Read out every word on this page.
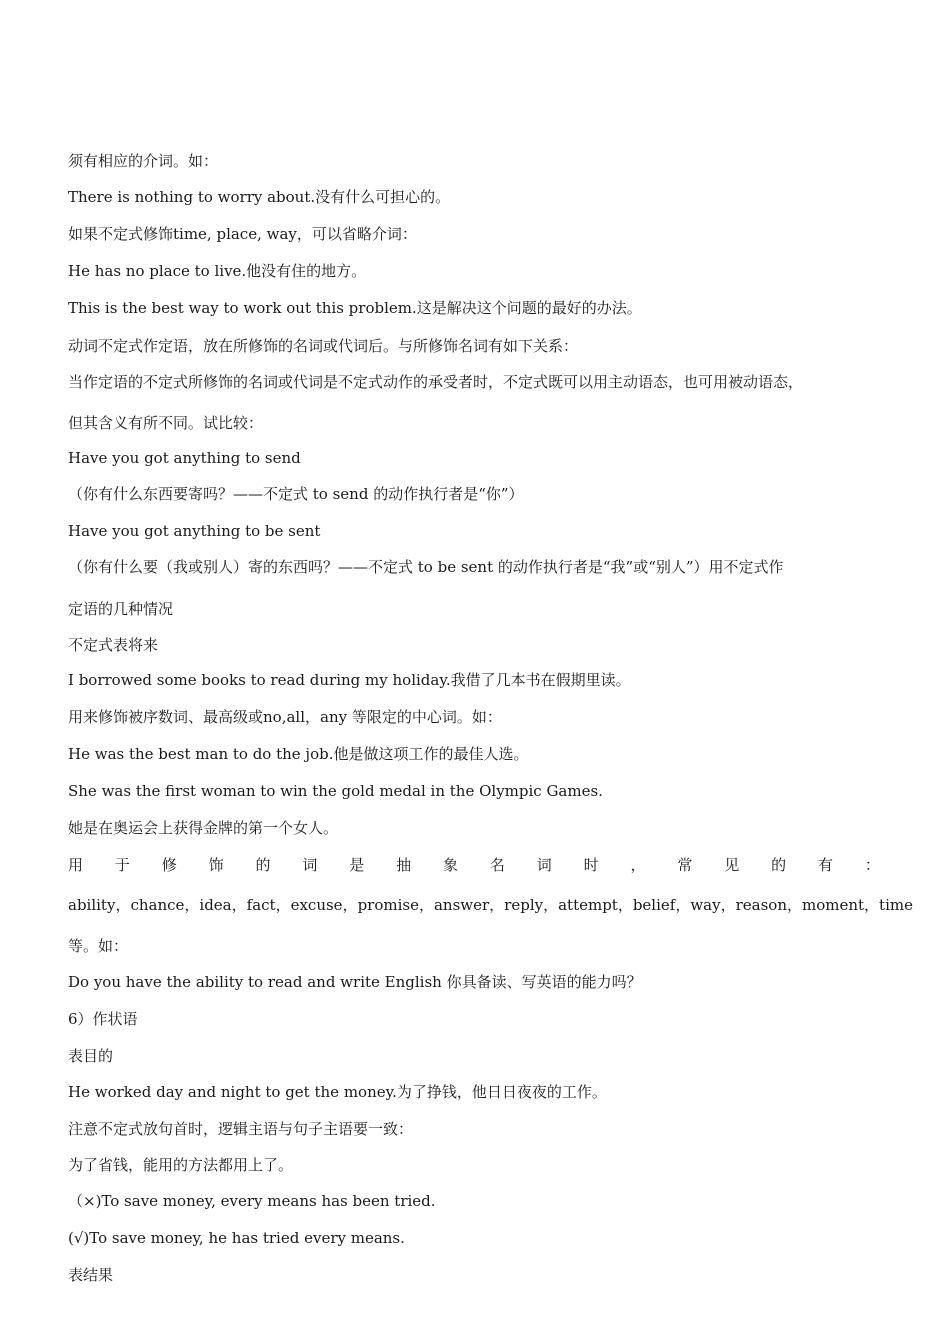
须有相应的介词。如：
There is nothing to worry about.没有什么可担心的。
如果不定式修饰time, place, way，可以省略介词：
He has no place to live.他没有住的地方。
This is the best way to work out this problem.这是解决这个问题的最好的办法。
动词不定式作定语，放在所修饰的名词或代词后。与所修饰名词有如下关系：
当作定语的不定式所修饰的名词或代词是不定式动作的承受者时，不定式既可以用主动语态，也可用被动语态，
但其含义有所不同。试比较：
Have you got anything to send
（你有什么东西要寄吗？——不定式 to send 的动作执行者是“你”）
Have you got anything to be sent
（你有什么要（我或别人）寄的东西吗？——不定式 to be sent 的动作执行者是“我”或“别人”）用不定式作
定语的几种情况
不定式表将来
I borrowed some books to read during my holiday.我借了几本书在假期里读。
用来修饰被序数词、最高级或no,all，any 等限定的中心词。如：
He was the best man to do the job.他是做这项工作的最佳人选。
She was the first woman to win the gold medal in the Olympic Games.
她是在奥运会上获得金牌的第一个女人。
用 于 修 饰 的 词 是 抽 象 名 词 时 ， 常 见 的 有 ：
ability， chance， idea， fact， excuse， promise， answer， reply， attempt， belief， way， reason， moment， time
等。如：
Do you have the ability to read and write English 你具备读、写英语的能力吗？
6）作状语
表目的
He worked day and night to get the money.为了挣钱，他日日夜夜的工作。
注意不定式放句首时，逻辑主语与句子主语要一致：
为了省钱，能用的方法都用上了。
（×)To save money, every means has been tried.
(√)To save money, he has tried every means.
表结果
